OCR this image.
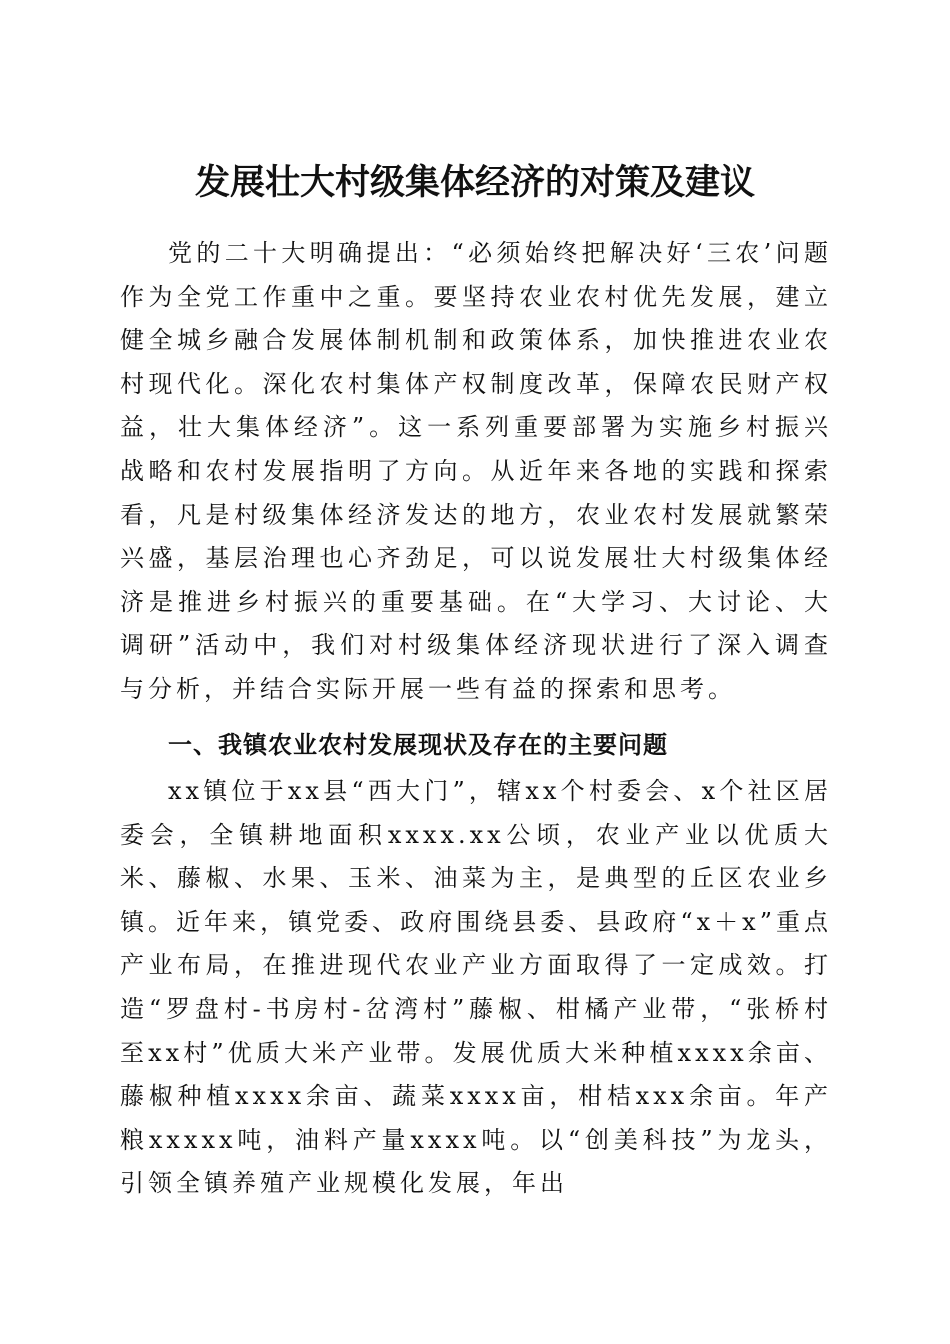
发展壮大村级集体经济的对策及建议

党的二十大明确提出：“必须始终把解决好‘三农’问题作为全党工作重中之重。要坚持农业农村优先发展，建立健全城乡融合发展体制机制和政策体系，加快推进农业农村现代化。深化农村集体产权制度改革，保障农民财产权益，壮大集体经济”。这一系列重要部署为实施乡村振兴战略和农村发展指明了方向。从近年来各地的实践和探索看，凡是村级集体经济发达的地方，农业农村发展就繁荣兴盛，基层治理也心齐劲足，可以说发展壮大村级集体经济是推进乡村振兴的重要基础。在“大学习、大讨论、大调研”活动中，我们对村级集体经济现状进行了深入调查与分析，并结合实际开展一些有益的探索和思考。

一、我镇农业农村发展现状及存在的主要问题

xx镇位于xx县“西大门”，辖xx个村委会、x个社区居委会，全镇耕地面积xxxx.xx公顷，农业产业以优质大米、藤椒、水果、玉米、油菜为主，是典型的丘区农业乡镇。近年来，镇党委、政府围绕县委、县政府“x＋x”重点产业布局，在推进现代农业产业方面取得了一定成效。打造“罗盘村-书房村-岔湾村”藤椒、柑橘产业带，“张桥村至xx村”优质大米产业带。发展优质大米种植xxxx余亩、藤椒种植xxxx余亩、蔬菜xxxx亩，柑桔xxx余亩。年产粮xxxxx吨，油料产量xxxx吨。以“创美科技”为龙头，引领全镇养殖产业规模化发展，年出
